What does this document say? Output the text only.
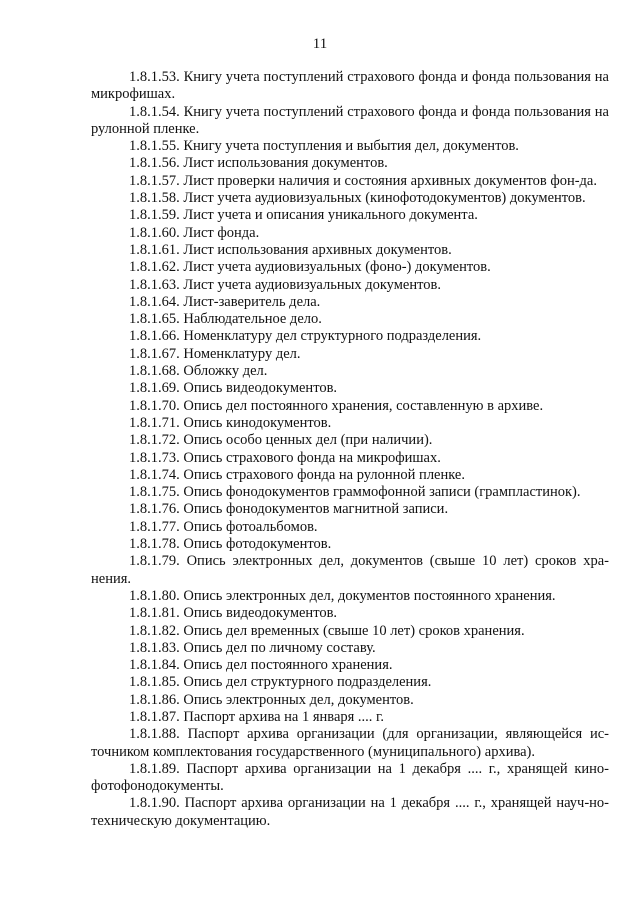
11

1.8.1.53. Книгу учета поступлений страхового фонда и фонда пользования на микрофишах.

1.8.1.54. Книгу учета поступлений страхового фонда и фонда пользования на рулонной пленке.

1.8.1.55. Книгу учета поступления и выбытия дел, документов.

1.8.1.56. Лист использования документов.

1.8.1.57. Лист проверки наличия и состояния архивных документов фон-да.

1.8.1.58. Лист учета аудиовизуальных (кинофотодокументов) документов.

1.8.1.59. Лист учета и описания уникального документа.

1.8.1.60. Лист фонда.

1.8.1.61. Лист использования архивных документов.

1.8.1.62. Лист учета аудиовизуальных (фоно-) документов.

1.8.1.63. Лист учета аудиовизуальных документов.

1.8.1.64. Лист-заверитель дела.

1.8.1.65. Наблюдательное дело.

1.8.1.66. Номенклатуру дел структурного подразделения.

1.8.1.67. Номенклатуру дел.

1.8.1.68. Обложку дел.

1.8.1.69. Опись видеодокументов.

1.8.1.70. Опись дел постоянного хранения, составленную в архиве.

1.8.1.71. Опись кинодокументов.

1.8.1.72. Опись особо ценных дел (при наличии).

1.8.1.73. Опись страхового фонда на микрофишах.

1.8.1.74. Опись страхового фонда на рулонной пленке.

1.8.1.75. Опись фонодокументов граммофонной записи (грампластинок).

1.8.1.76. Опись фонодокументов магнитной записи.

1.8.1.77. Опись фотоальбомов.

1.8.1.78. Опись фотодокументов.

1.8.1.79. Опись электронных дел, документов (свыше 10 лет) сроков хра-нения.

1.8.1.80. Опись электронных дел, документов постоянного хранения.

1.8.1.81. Опись видеодокументов.

1.8.1.82. Опись дел временных (свыше 10 лет) сроков хранения.

1.8.1.83. Опись дел по личному составу.

1.8.1.84. Опись дел постоянного хранения.

1.8.1.85. Опись дел структурного подразделения.

1.8.1.86. Опись электронных дел, документов.

1.8.1.87. Паспорт архива на 1 января .... г.

1.8.1.88. Паспорт архива организации (для организации, являющейся ис-точником комплектования государственного (муниципального) архива).

1.8.1.89. Паспорт архива организации на 1 декабря .... г., хранящей кино-фотофонодокументы.

1.8.1.90. Паспорт архива организации на 1 декабря .... г., хранящей науч-но-техническую документацию.
